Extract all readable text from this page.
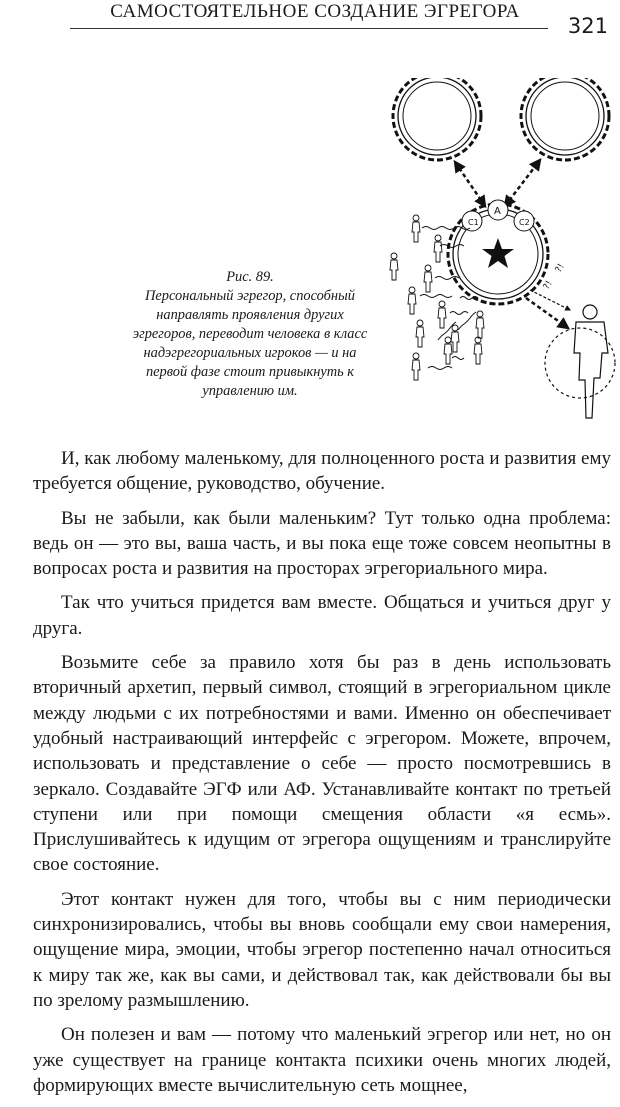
САМОСТОЯТЕЛЬНОЕ СОЗДАНИЕ ЭГРЕГОРА
321
Рис. 89.
Персональный эгрегор, способный направлять проявления других эгрегоров, переводит человека в класс надэгрегориальных игроков — и на первой фазе стоит привыкнуть к управлению им.
C1
A
C2
?!
?!

И, как любому маленькому, для полноценного роста и развития ему требуется общение, руководство, обучение.

Вы не забыли, как были маленьким? Тут только одна проблема: ведь он — это вы, ваша часть, и вы пока еще тоже совсем неопытны в вопросах роста и развития на просторах эгрегориального мира.

Так что учиться придется вам вместе. Общаться и учиться друг у друга.

Возьмите себе за правило хотя бы раз в день использовать вторичный архетип, первый символ, стоящий в эгрегориальном цикле между людьми с их потребностями и вами. Именно он обеспечивает удобный настраивающий интерфейс с эгрегором. Можете, впрочем, использовать и представление о себе — просто посмотревшись в зеркало. Создавайте ЭГФ или АФ. Устанавливайте контакт по третьей ступени или при помощи смещения области «я есмь». Прислушивайтесь к идущим от эгрегора ощущениям и транслируйте свое состояние.

Этот контакт нужен для того, чтобы вы с ним периодически синхронизировались, чтобы вы вновь сообщали ему свои намерения, ощущение мира, эмоции, чтобы эгрегор постепенно начал относиться к миру так же, как вы сами, и действовал так, как действовали бы вы по зрелому размышлению.

Он полезен и вам — потому что маленький эгрегор или нет, но он уже существует на границе контакта психики очень многих людей, формирующих вместе вычислительную сеть мощнее,
